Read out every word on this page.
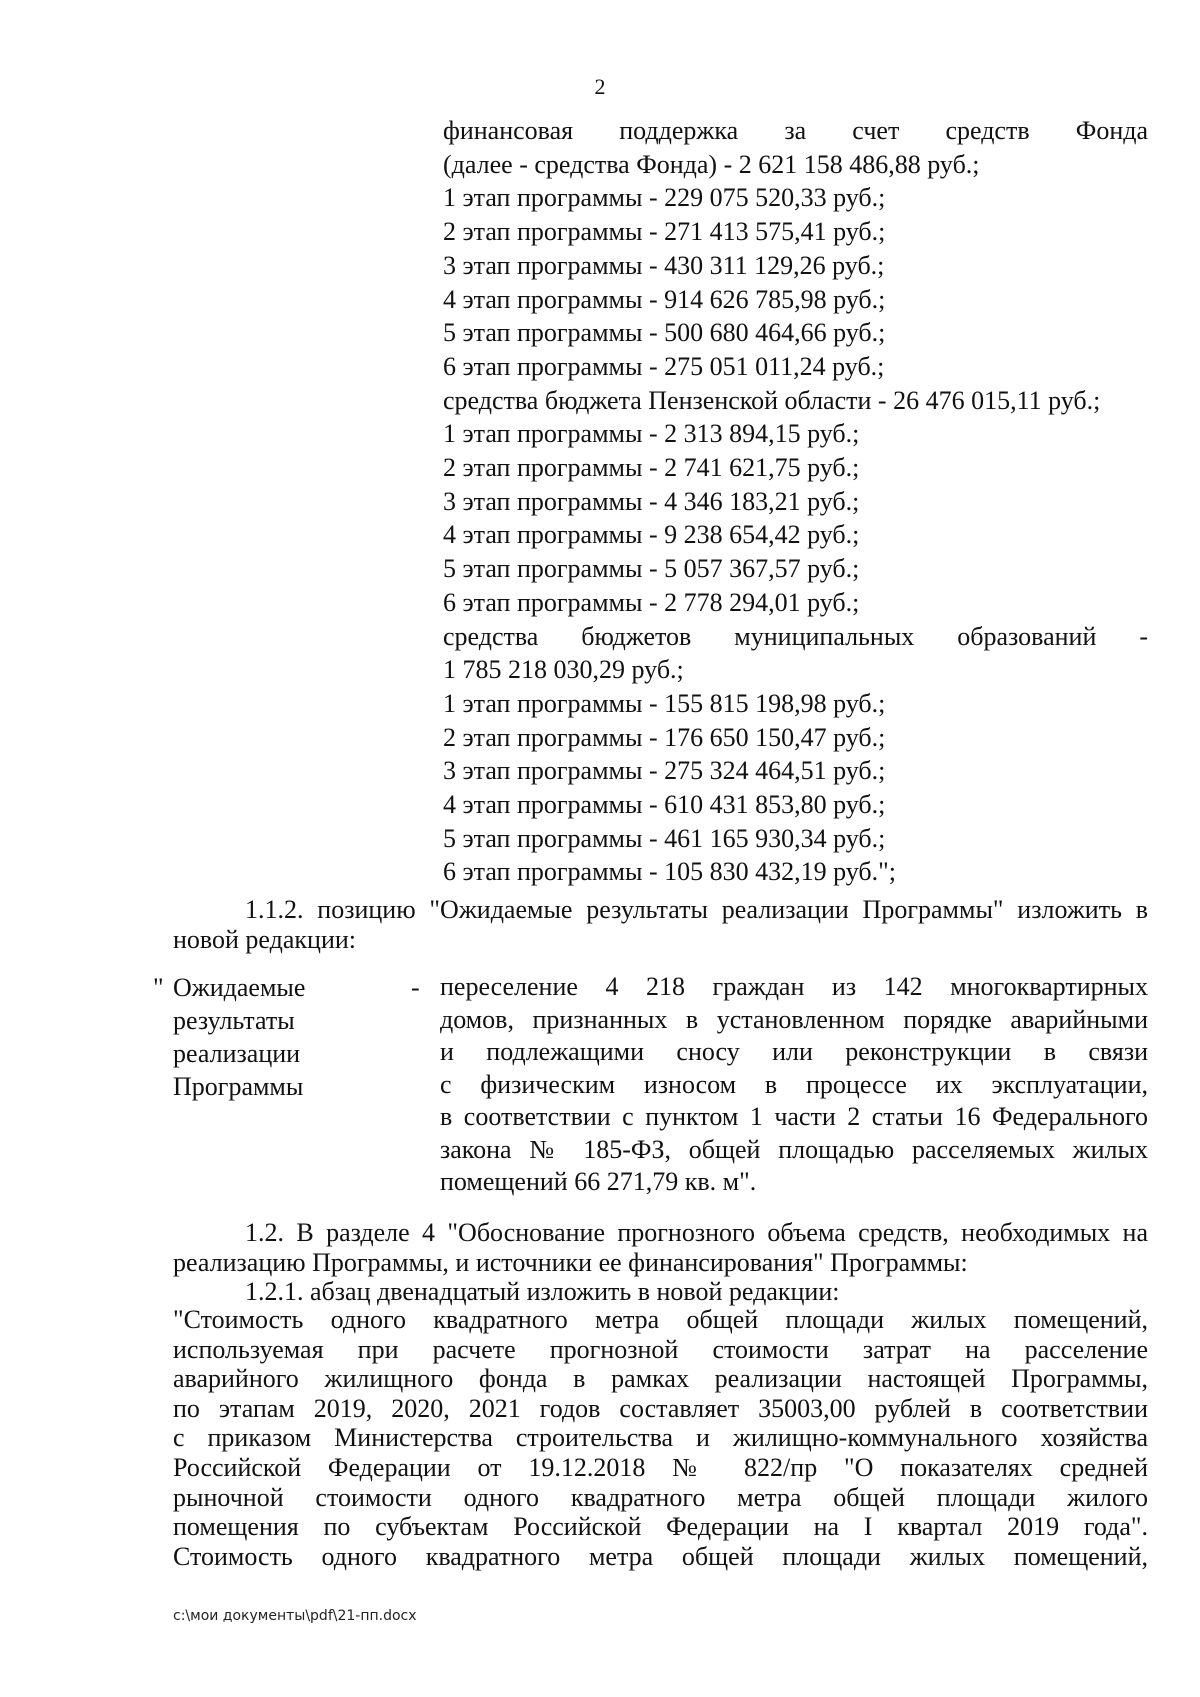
2
финансовая поддержка за счет средств Фонда
(далее - средства Фонда) - 2 621 158 486,88 руб.;
1 этап программы - 229 075 520,33 руб.;
2 этап программы - 271 413 575,41 руб.;
3 этап программы - 430 311 129,26 руб.;
4 этап программы - 914 626 785,98 руб.;
5 этап программы - 500 680 464,66 руб.;
6 этап программы - 275 051 011,24 руб.;
средства бюджета Пензенской области - 26 476 015,11 руб.;
1 этап программы - 2 313 894,15 руб.;
2 этап программы - 2 741 621,75 руб.;
3 этап программы - 4 346 183,21 руб.;
4 этап программы - 9 238 654,42 руб.;
5 этап программы - 5 057 367,57 руб.;
6 этап программы - 2 778 294,01 руб.;
средства бюджетов муниципальных образований -
1 785 218 030,29 руб.;
1 этап программы - 155 815 198,98 руб.;
2 этап программы - 176 650 150,47 руб.;
3 этап программы - 275 324 464,51 руб.;
4 этап программы - 610 431 853,80 руб.;
5 этап программы - 461 165 930,34 руб.;
6 этап программы - 105 830 432,19 руб.";
1.1.2. позицию "Ожидаемые результаты реализации Программы" изложить в новой редакции:
" Ожидаемые результаты реализации Программы
- переселение 4 218 граждан из 142 многоквартирных
домов, признанных в установленном порядке аварийными
и подлежащими сносу или реконструкции в связи
с физическим износом в процессе их эксплуатации,
в соответствии с пунктом 1 части 2 статьи 16 Федерального
закона № 185-ФЗ, общей площадью расселяемых жилых
помещений 66 271,79 кв. м".
1.2. В разделе 4 "Обоснование прогнозного объема средств, необходимых на реализацию Программы, и источники ее финансирования" Программы:
1.2.1. абзац двенадцатый изложить в новой редакции:
"Стоимость одного квадратного метра общей площади жилых помещений,
используемая при расчете прогнозной стоимости затрат на расселение
аварийного жилищного фонда в рамках реализации настоящей Программы,
по этапам 2019, 2020, 2021 годов составляет 35003,00 рублей в соответствии
с приказом Министерства строительства и жилищно-коммунального хозяйства
Российской Федерации от 19.12.2018 № 822/пр "О показателях средней
рыночной стоимости одного квадратного метра общей площади жилого
помещения по субъектам Российской Федерации на I квартал 2019 года".
Стоимость одного квадратного метра общей площади жилых помещений,
c:\мои документы\pdf\21-пп.docx
